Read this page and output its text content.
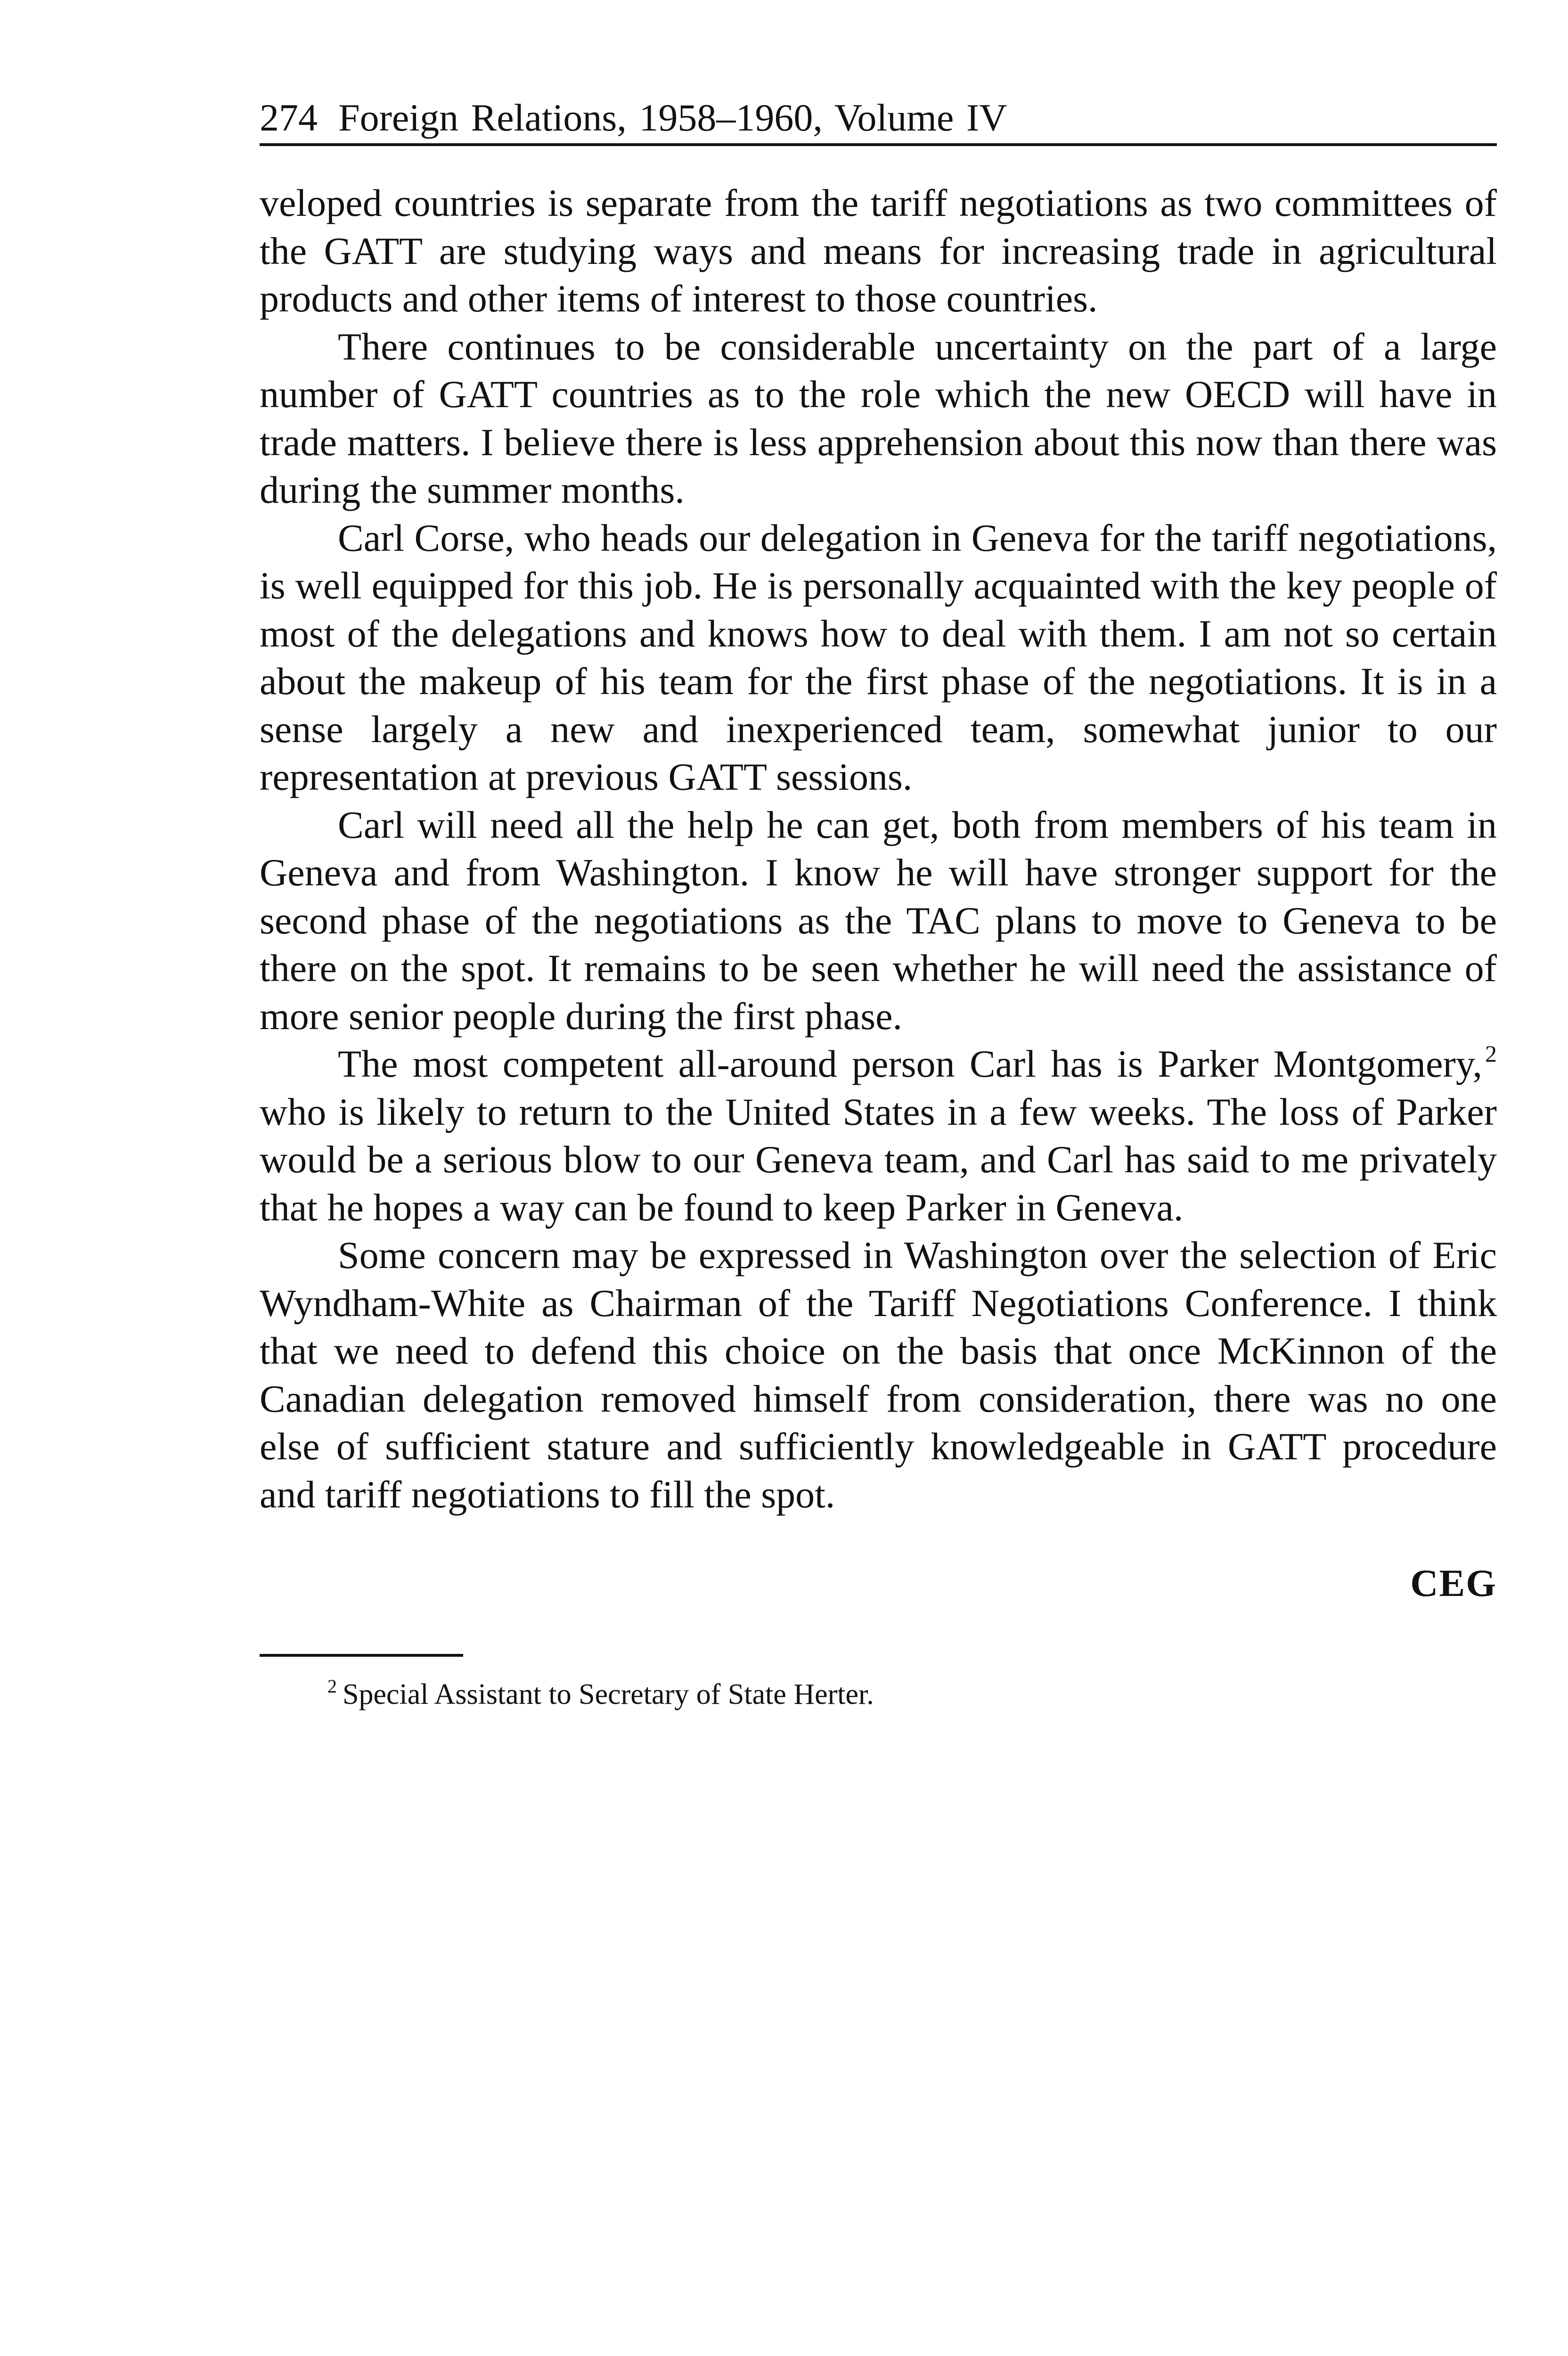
274 Foreign Relations, 1958–1960, Volume IV

veloped countries is separate from the tariff negotiations as two committees of the GATT are studying ways and means for increasing trade in agricultural products and other items of interest to those countries.

There continues to be considerable uncertainty on the part of a large number of GATT countries as to the role which the new OECD will have in trade matters. I believe there is less apprehension about this now than there was during the summer months.

Carl Corse, who heads our delegation in Geneva for the tariff negotiations, is well equipped for this job. He is personally acquainted with the key people of most of the delegations and knows how to deal with them. I am not so certain about the makeup of his team for the first phase of the negotiations. It is in a sense largely a new and inexperienced team, somewhat junior to our representation at previous GATT sessions.

Carl will need all the help he can get, both from members of his team in Geneva and from Washington. I know he will have stronger support for the second phase of the negotiations as the TAC plans to move to Geneva to be there on the spot. It remains to be seen whether he will need the assistance of more senior people during the first phase.

The most competent all-around person Carl has is Parker Montgomery, $^2$ who is likely to return to the United States in a few weeks. The loss of Parker would be a serious blow to our Geneva team, and Carl has said to me privately that he hopes a way can be found to keep Parker in Geneva.

Some concern may be expressed in Washington over the selection of Eric Wyndham-White as Chairman of the Tariff Negotiations Conference. I think that we need to defend this choice on the basis that once McKinnon of the Canadian delegation removed himself from consideration, there was no one else of sufficient stature and sufficiently knowledgeable in GATT procedure and tariff negotiations to fill the spot.

CEG
$^2$ Special Assistant to Secretary of State Herter.
